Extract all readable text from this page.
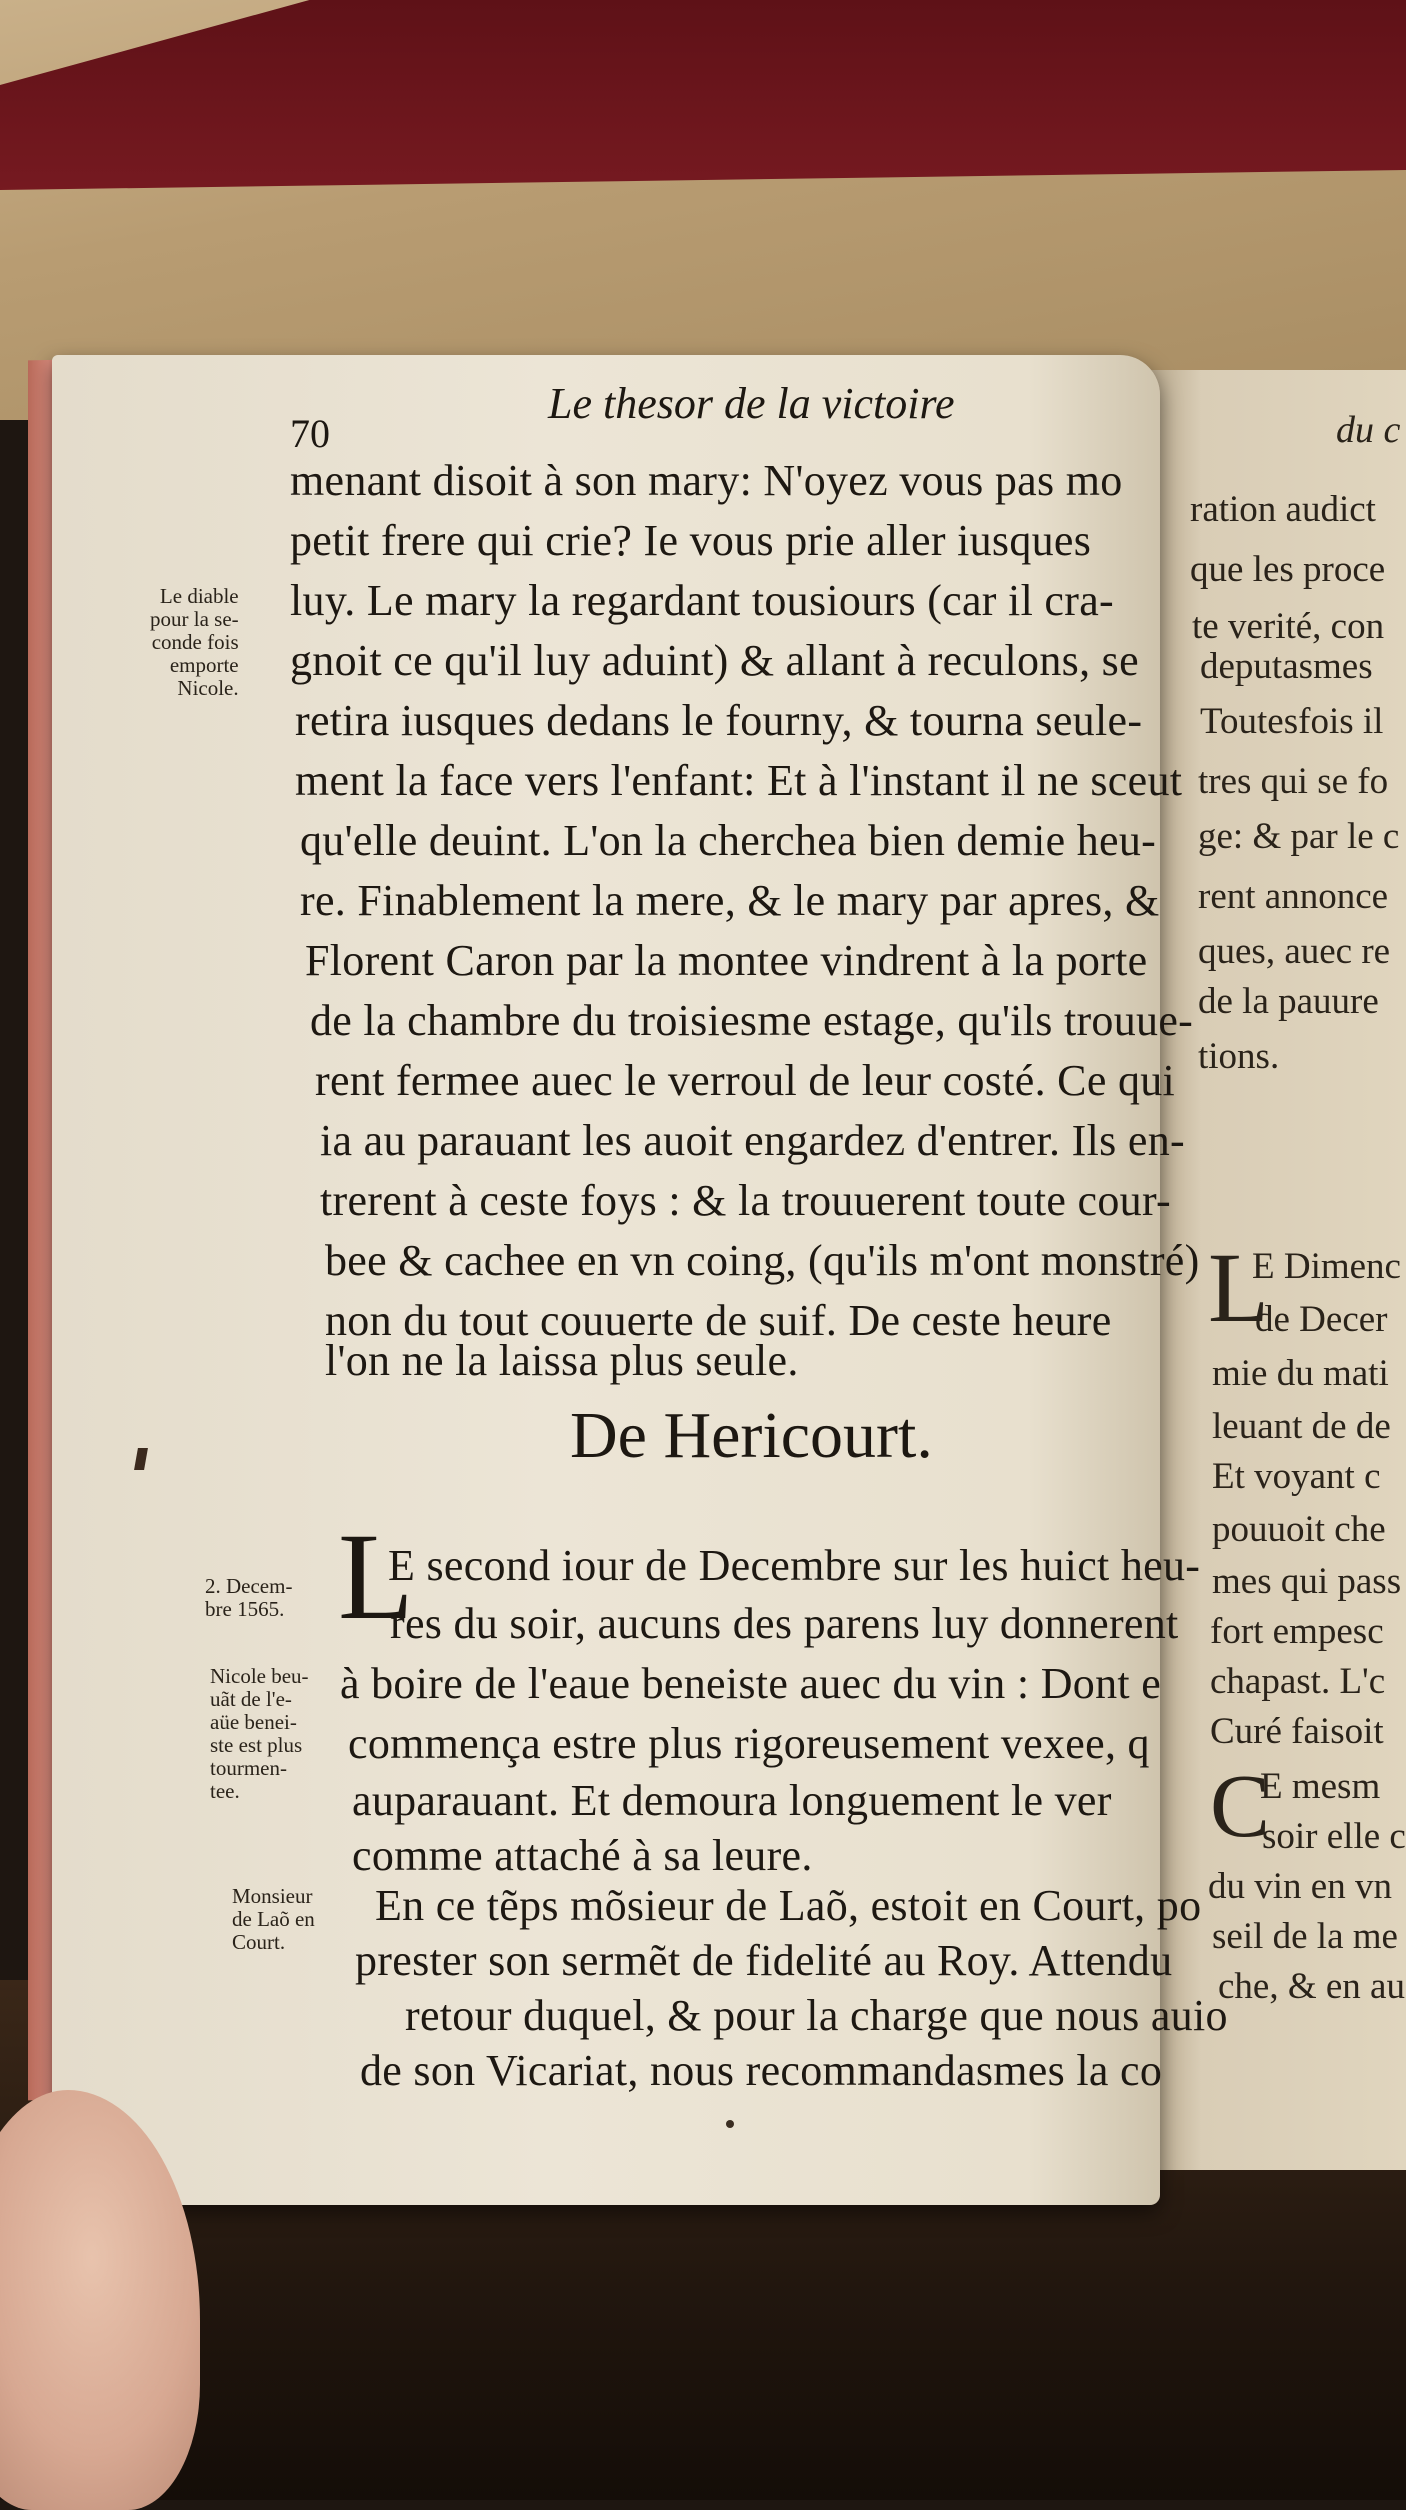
Le thesor de la victoire
70
menant disoit à son mary: N'oyez vous pas mo
petit frere qui crie? Ie vous prie aller iusques
luy. Le mary la regardant tousiours (car il cra-
gnoit ce qu'il luy aduint) & allant à reculons, se
retira iusques dedans le fourny, & tourna seule-
ment la face vers l'enfant: Et à l'instant il ne sceut
qu'elle deuint. L'on la cherchea bien demie heu-
re. Finablement la mere, & le mary par apres, &
Florent Caron par la montee vindrent à la porte
de la chambre du troisiesme estage, qu'ils trouue-
rent fermee auec le verroul de leur costé. Ce qui
ia au parauant les auoit engardez d'entrer. Ils en-
trerent à ceste foys : & la trouuerent toute cour-
bee & cachee en vn coing, (qu'ils m'ont monstré)
non du tout couuerte de suif. De ceste heure
l'on ne la laissa plus seule.
Le diable
pour la se-
conde fois
emporte
Nicole.
De Hericourt.
L
E second iour de Decembre sur les huict heu-
res du soir, aucuns des parens luy donnerent
à boire de l'eaue beneiste auec du vin : Dont e
commença estre plus rigoreusement vexee, q
auparauant. Et demoura longuement le ver
comme attaché à sa leure.
En ce tẽps mõsieur de Laõ, estoit en Court, po
prester son sermẽt de fidelité au Roy. Attendu
retour duquel, & pour la charge que nous auio
de son Vicariat, nous recommandasmes la co
2. Decem-
bre 1565.
Nicole beu-
uãt de l'e-
aüe benei-
ste est plus
tourmen-
tee.
Monsieur
de Laõ en
Court.
du c
ration audict
que les proce
te verité, con
deputasmes
Toutesfois il
tres qui se fo
ge: & par le c
rent annonce
ques, auec re
de la pauure
tions.
L
E Dimenc
de Decer
mie du mati
leuant de de
Et voyant c
pouuoit che
mes qui pass
fort empesc
chapast. L'c
Curé faisoit
C
E mesm
soir elle c
du vin en vn
seil de la me
che, & en au
